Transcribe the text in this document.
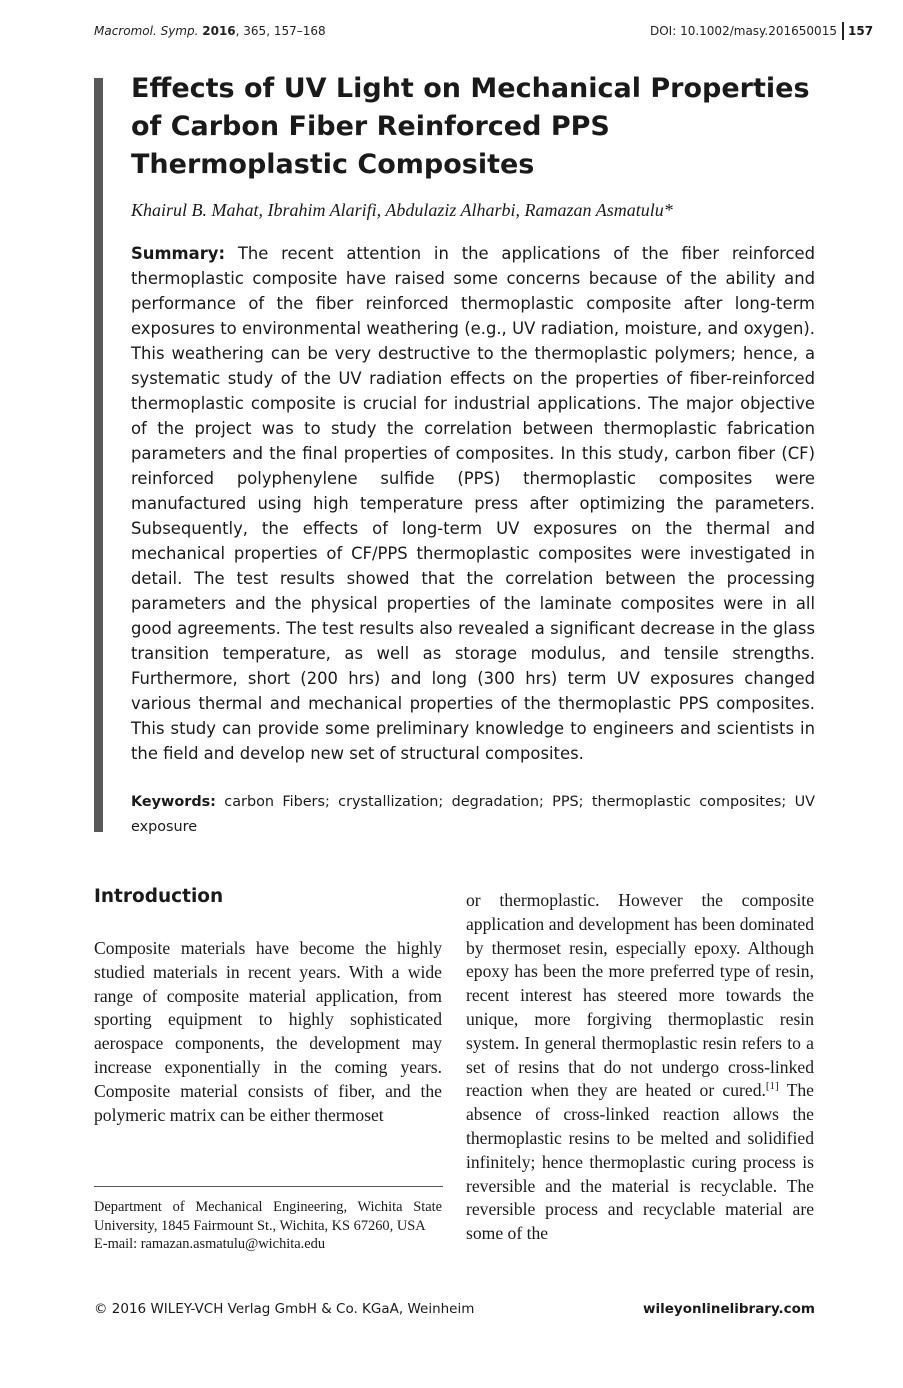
Macromol. Symp. 2016, 365, 157–168	DOI: 10.1002/masy.201650015 157
Effects of UV Light on Mechanical Properties of Carbon Fiber Reinforced PPS Thermoplastic Composites
Khairul B. Mahat, Ibrahim Alarifi, Abdulaziz Alharbi, Ramazan Asmatulu*

Summary: The recent attention in the applications of the fiber reinforced thermoplastic composite have raised some concerns because of the ability and performance of the fiber reinforced thermoplastic composite after long-term exposures to environmental weathering (e.g., UV radiation, moisture, and oxygen). This weathering can be very destructive to the thermoplastic polymers; hence, a systematic study of the UV radiation effects on the properties of fiber-reinforced thermoplastic composite is crucial for industrial applications. The major objective of the project was to study the correlation between thermoplastic fabrication parameters and the final properties of composites. In this study, carbon fiber (CF) reinforced polyphenylene sulfide (PPS) thermoplastic composites were manufactured using high temperature press after optimizing the parameters. Subsequently, the effects of long-term UV exposures on the thermal and mechanical properties of CF/PPS thermoplastic composites were investigated in detail. The test results showed that the correlation between the processing parameters and the physical properties of the laminate composites were in all good agreements. The test results also revealed a significant decrease in the glass transition temperature, as well as storage modulus, and tensile strengths. Furthermore, short (200 hrs) and long (300 hrs) term UV exposures changed various thermal and mechanical properties of the thermoplastic PPS composites. This study can provide some preliminary knowledge to engineers and scientists in the field and develop new set of structural composites.

Keywords: carbon Fibers; crystallization; degradation; PPS; thermoplastic composites; UV exposure

Introduction

Composite materials have become the highly studied materials in recent years. With a wide range of composite material application, from sporting equipment to highly sophisticated aerospace components, the development may increase exponentially in the coming years. Composite material consists of fiber, and the polymeric matrix can be either thermoset

or thermoplastic. However the composite application and development has been dominated by thermoset resin, especially epoxy. Although epoxy has been the more preferred type of resin, recent interest has steered more towards the unique, more forgiving thermoplastic resin system. In general thermoplastic resin refers to a set of resins that do not undergo cross-linked reaction when they are heated or cured.[1] The absence of cross-linked reaction allows the thermoplastic resins to be melted and solidified infinitely; hence thermoplastic curing process is reversible and the material is recyclable. The reversible process and recyclable material are some of the

Department of Mechanical Engineering, Wichita State University, 1845 Fairmount St., Wichita, KS 67260, USA
E-mail: ramazan.asmatulu@wichita.edu

© 2016 WILEY-VCH Verlag GmbH & Co. KGaA, Weinheim	wileyonlinelibrary.com
